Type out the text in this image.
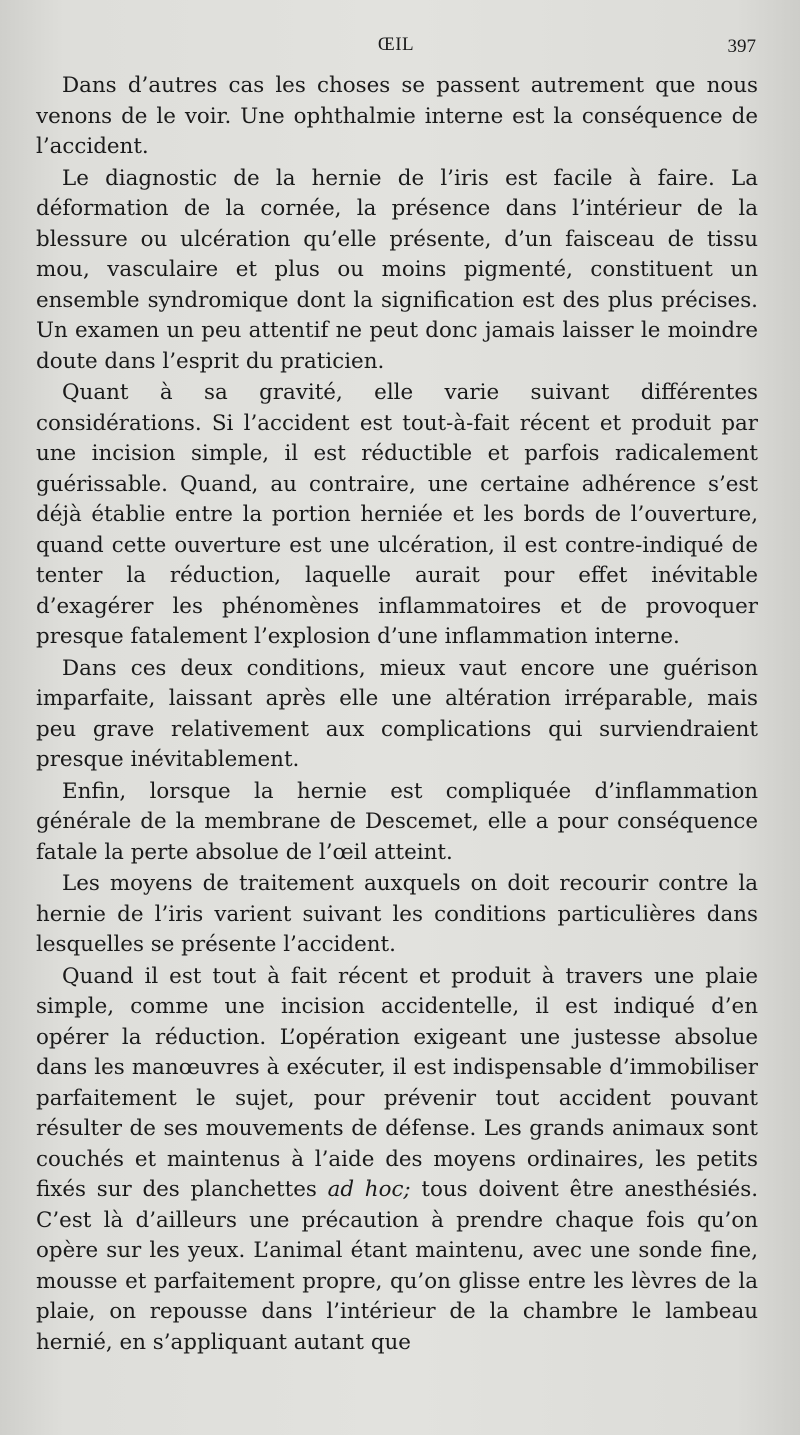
ŒIL	397

Dans d’autres cas les choses se passent autrement que nous venons de le voir. Une ophthalmie interne est la conséquence de l’accident.

Le diagnostic de la hernie de l’iris est facile à faire. La déformation de la cornée, la présence dans l’intérieur de la blessure ou ulcération qu’elle présente, d’un faisceau de tissu mou, vasculaire et plus ou moins pigmenté, constituent un ensemble syndromique dont la signification est des plus précises. Un examen un peu attentif ne peut donc jamais laisser le moindre doute dans l’esprit du praticien.

Quant à sa gravité, elle varie suivant différentes considérations. Si l’accident est tout-à-fait récent et produit par une incision simple, il est réductible et parfois radicalement guérissable. Quand, au contraire, une certaine adhérence s’est déjà établie entre la portion herniée et les bords de l’ouverture, quand cette ouverture est une ulcération, il est contre-indiqué de tenter la réduction, laquelle aurait pour effet inévitable d’exagérer les phénomènes inflammatoires et de provoquer presque fatalement l’explosion d’une inflammation interne.

Dans ces deux conditions, mieux vaut encore une guérison imparfaite, laissant après elle une altération irréparable, mais peu grave relativement aux complications qui surviendraient presque inévitablement.

Enfin, lorsque la hernie est compliquée d’inflammation générale de la membrane de Descemet, elle a pour conséquence fatale la perte absolue de l’œil atteint.

Les moyens de traitement auxquels on doit recourir contre la hernie de l’iris varient suivant les conditions particulières dans lesquelles se présente l’accident.

Quand il est tout à fait récent et produit à travers une plaie simple, comme une incision accidentelle, il est indiqué d’en opérer la réduction. L’opération exigeant une justesse absolue dans les manœuvres à exécuter, il est indispensable d’immobiliser parfaitement le sujet, pour prévenir tout accident pouvant résulter de ses mouvements de défense. Les grands animaux sont couchés et maintenus à l’aide des moyens ordinaires, les petits fixés sur des planchettes ad hoc; tous doivent être anesthésiés. C’est là d’ailleurs une précaution à prendre chaque fois qu’on opère sur les yeux. L’animal étant maintenu, avec une sonde fine, mousse et parfaitement propre, qu’on glisse entre les lèvres de la plaie, on repousse dans l’intérieur de la chambre le lambeau hernié, en s’appliquant autant que
